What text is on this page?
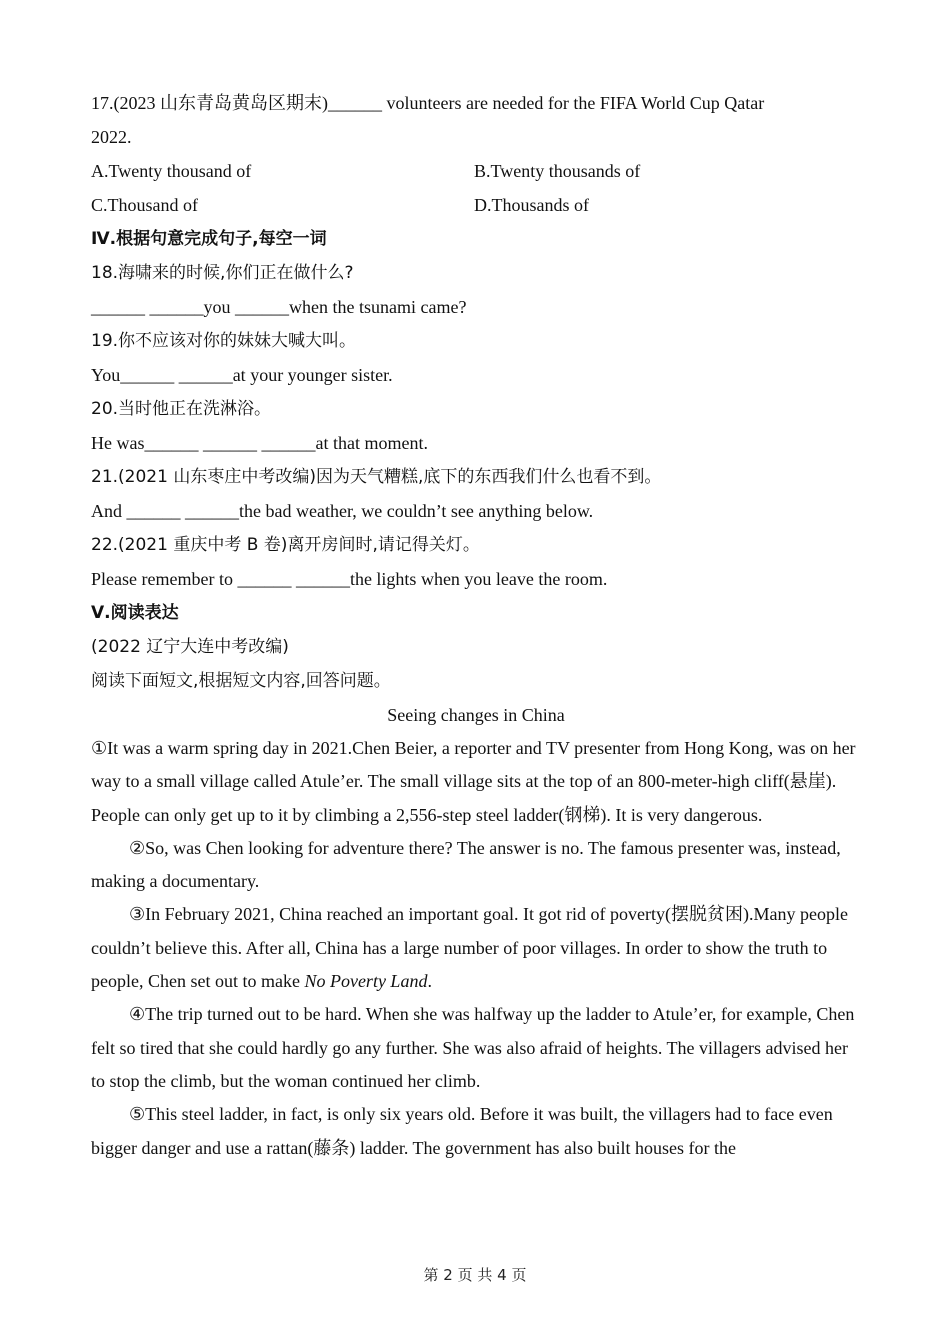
17.(2023 山东青岛黄岛区期末)______ volunteers are needed for the FIFA World Cup Qatar
2022.
A.Twenty thousand of	B.Twenty thousands of
C.Thousand of	D.Thousands of
Ⅳ.根据句意完成句子,每空一词
18.海啸来的时候,你们正在做什么?
______ ______you ______when the tsunami came?
19.你不应该对你的妹妹大喊大叫。
You______ ______at your younger sister.
20.当时他正在洗淋浴。
He was______ ______ ______at that moment.
21.(2021 山东枣庄中考改编)因为天气糟糕,底下的东西我们什么也看不到。
And ______ ______the bad weather, we couldn’t see anything below.
22.(2021 重庆中考 B 卷)离开房间时,请记得关灯。
Please remember to ______ ______the lights when you leave the room.
Ⅴ.阅读表达
(2022 辽宁大连中考改编)
阅读下面短文,根据短文内容,回答问题。
Seeing changes in China

①It was a warm spring day in 2021.Chen Beier, a reporter and TV presenter from Hong Kong, was on her way to a small village called Atule’er. The small village sits at the top of an 800-meter-high cliff(悬崖). People can only get up to it by climbing a 2,556-step steel ladder(钢梯). It is very dangerous.

②So, was Chen looking for adventure there? The answer is no. The famous presenter was, instead, making a documentary.

③In February 2021, China reached an important goal. It got rid of poverty(摆脱贫困).Many people couldn’t believe this. After all, China has a large number of poor villages. In order to show the truth to people, Chen set out to make No Poverty Land.

④The trip turned out to be hard. When she was halfway up the ladder to Atule’er, for example, Chen felt so tired that she could hardly go any further. She was also afraid of heights. The villagers advised her to stop the climb, but the woman continued her climb.

⑤This steel ladder, in fact, is only six years old. Before it was built, the villagers had to face even bigger danger and use a rattan(藤条) ladder. The government has also built houses for the

第 2 页 共 4 页
